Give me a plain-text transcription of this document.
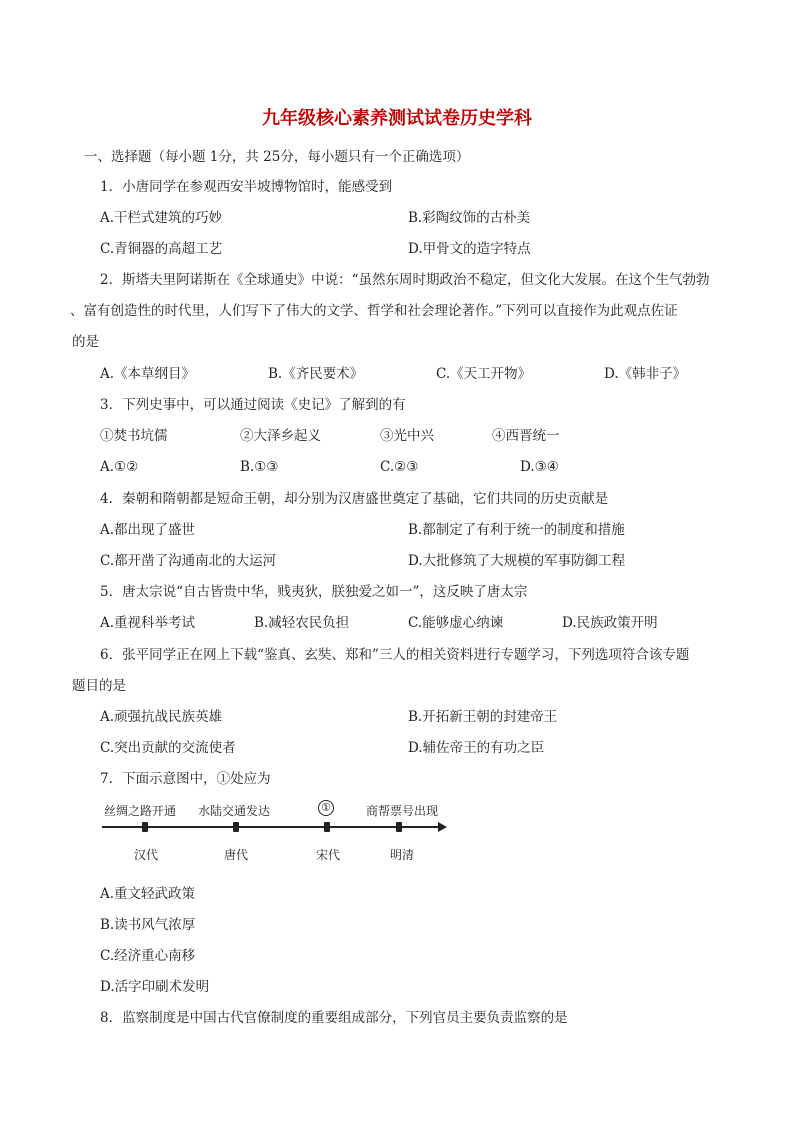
九年级核心素养测试试卷历史学科
一、选择题（每小题 1分，共 25分，每小题只有一个正确选项）
1．小唐同学在参观西安半坡博物馆时，能感受到
A.干栏式建筑的巧妙	B.彩陶纹饰的古朴美
C.青铜器的高超工艺	D.甲骨文的造字特点
2．斯塔夫里阿诺斯在《全球通史》中说：“虽然东周时期政治不稳定，但文化大发展。在这个生气勃勃
、富有创造性的时代里，人们写下了伟大的文学、哲学和社会理论著作。”下列可以直接作为此观点佐证
的是
A.《本草纲目》	B.《齐民要术》	C.《天工开物》	D.《韩非子》
3．下列史事中，可以通过阅读《史记》了解到的有
①焚书坑儒	②大泽乡起义	③光中兴	④西晋统一
A.①②	B.①③	C.②③	D.③④
4．秦朝和隋朝都是短命王朝，却分别为汉唐盛世奠定了基础，它们共同的历史贡献是
A.都出现了盛世	B.都制定了有利于统一的制度和措施
C.都开凿了沟通南北的大运河	D.大批修筑了大规模的军事防御工程
5．唐太宗说“自古皆贵中华，贱夷狄，朕独爱之如一”，这反映了唐太宗
A.重视科举考试	B.减轻农民负担	C.能够虚心纳谏	D.民族政策开明
6．张平同学正在网上下载“鉴真、玄奘、郑和”三人的相关资料进行专题学习，下列选项符合该专题
题目的是
A.顽强抗战民族英雄	B.开拓新王朝的封建帝王
C.突出贡献的交流使者	D.辅佐帝王的有功之臣
7．下面示意图中，①处应为
丝绸之路开通 水陆交通发达	①	商帮票号出现
汉代	唐代	宋代	明清
A.重文轻武政策
B.读书风气浓厚
C.经济重心南移
D.活字印刷术发明
8．监察制度是中国古代官僚制度的重要组成部分，下列官员主要负责监察的是
